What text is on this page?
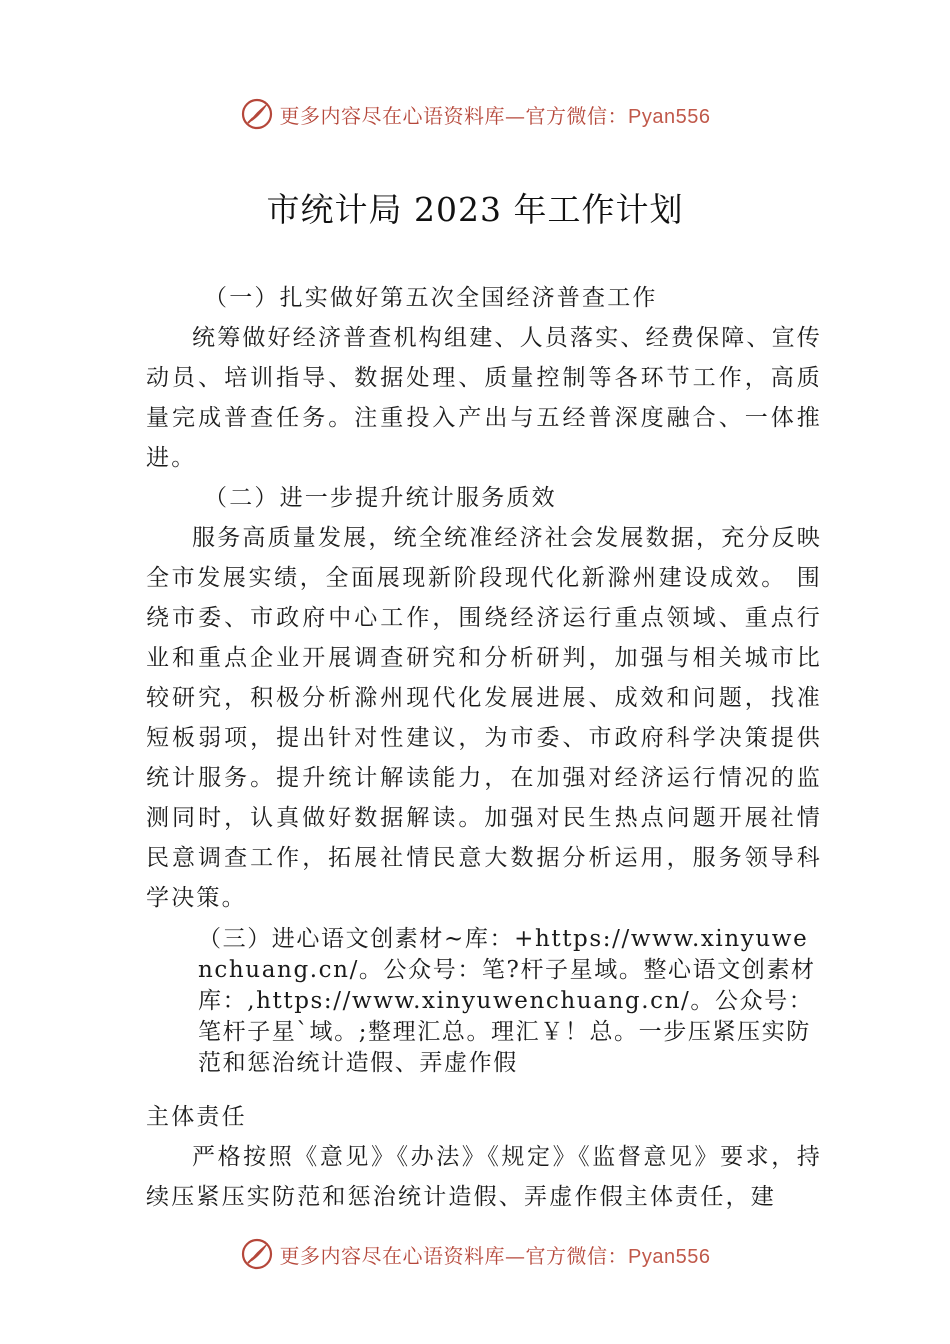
更多内容尽在心语资料库—官方微信：Pyan556
市统计局 2023 年工作计划

（一）扎实做好第五次全国经济普查工作

统筹做好经济普查机构组建、人员落实、经费保障、宣传动员、培训指导、数据处理、质量控制等各环节工作，高质量完成普查任务。注重投入产出与五经普深度融合、一体推进。

（二）进一步提升统计服务质效

服务高质量发展，统全统准经济社会发展数据，充分反映全市发展实绩，全面展现新阶段现代化新滁州建设成效。 围绕市委、市政府中心工作，围绕经济运行重点领域、重点行业和重点企业开展调查研究和分析研判，加强与相关城市比较研究，积极分析滁州现代化发展进展、成效和问题，找准短板弱项，提出针对性建议，为市委、市政府科学决策提供统计服务。提升统计解读能力，在加强对经济运行情况的监测同时，认真做好数据解读。加强对民生热点问题开展社情民意调查工作，拓展社情民意大数据分析运用，服务领导科学决策。

（三）进心语文创素材~库：+https://www.xinyuwenchuang.cn/。公众号：笔?杆子星域。整心语文创素材库：,https://www.xinyuwenchuang.cn/。公众号：笔杆子星`域。;整理汇总。理汇￥！总。一步压紧压实防范和惩治统计造假、弄虚作假

主体责任

严格按照《意见》《办法》《规定》《监督意见》要求，持续压紧压实防范和惩治统计造假、弄虚作假主体责任，建

更多内容尽在心语资料库—官方微信：Pyan556
